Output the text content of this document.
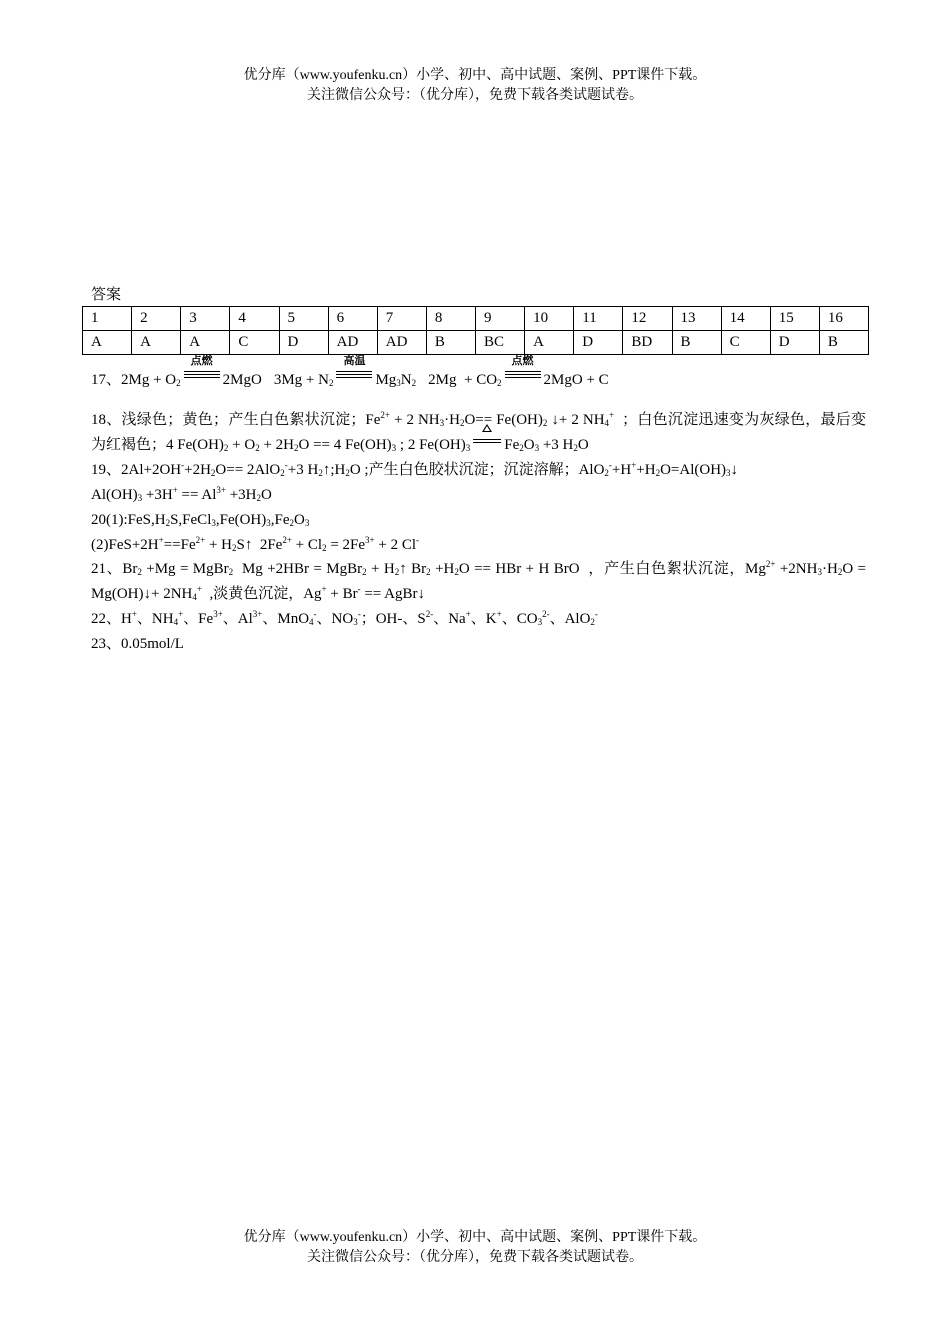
优分库（www.youfenku.cn）小学、初中、高中试题、案例、PPT课件下载。
关注微信公众号：（优分库），免费下载各类试题试卷。
答案
1	2	3	4	5	6	7	8	9	10	11	12	13	14	15	16
A	A	A	C	D	AD	AD	B	BC	A	D	BD	B	C	D	B
17、$2Mg + O_2$
点燃
2MgO $3Mg + N_2$
高温
$Mg_3N_2$ $2Mg + CO_2$
点燃
2MgO + C
18、浅绿色；黄色；产生白色絮状沉淀；$Fe^{2+} + 2$ $NH_3\cdot H_2O== Fe(OH)_2$ ↓+ 2 $NH_4^+$  ；白色沉淀迅速变为灰绿色，最后变为红褐色；4 $Fe(OH)_2 + O_2 + 2H_2O == 4$ $Fe(OH)_3$ ; 2 $Fe(OH)_3$ $Fe_2O_3 +3$ $H_2O$
19、$2Al+2OH^-+2H_2O== 2AlO_2^-+3$ $H_2↑;H_2O$ ;产生白色胶状沉淀；沉淀溶解；$AlO_2^-+H^++H_2O=Al(OH)_3↓$
$Al(OH)_3 +3H^+ == Al^{3+} +3H_2O$
$20(1):FeS,H_2S,FeCl_3,Fe(OH)_3,Fe_2O_3$
$(2)FeS+2H^+==Fe^{2+}$ + $H_2S↑$  $2Fe^{2+} + Cl_2 = 2Fe^{3+} + 2$ Cl-
21、$Br_2 +Mg$ = MgBr$_2$  Mg +2HBr = MgBr$_2$ + $H_2↑$ $Br_2 +H_2O$ == HBr + H BrO  ，产生白色絮状沉淀，$Mg^{2+} +2NH_3\cdot H_2O$ = Mg(OH)↓+ $2NH_4^+$  ,淡黄色沉淀，Ag+ + Br- == AgBr↓
22、H+、$NH_4^+$、$Fe^{3+}$、$Al^{3+}$、MnO$_4$-、$NO_3^-$；OH-、$S^{2-}$、Na+、K+、$CO_3^{2-}$、AlO$_2$-
23、0.05mol/L
优分库（www.youfenku.cn）小学、初中、高中试题、案例、PPT课件下载。
关注微信公众号：（优分库），免费下载各类试题试卷。
